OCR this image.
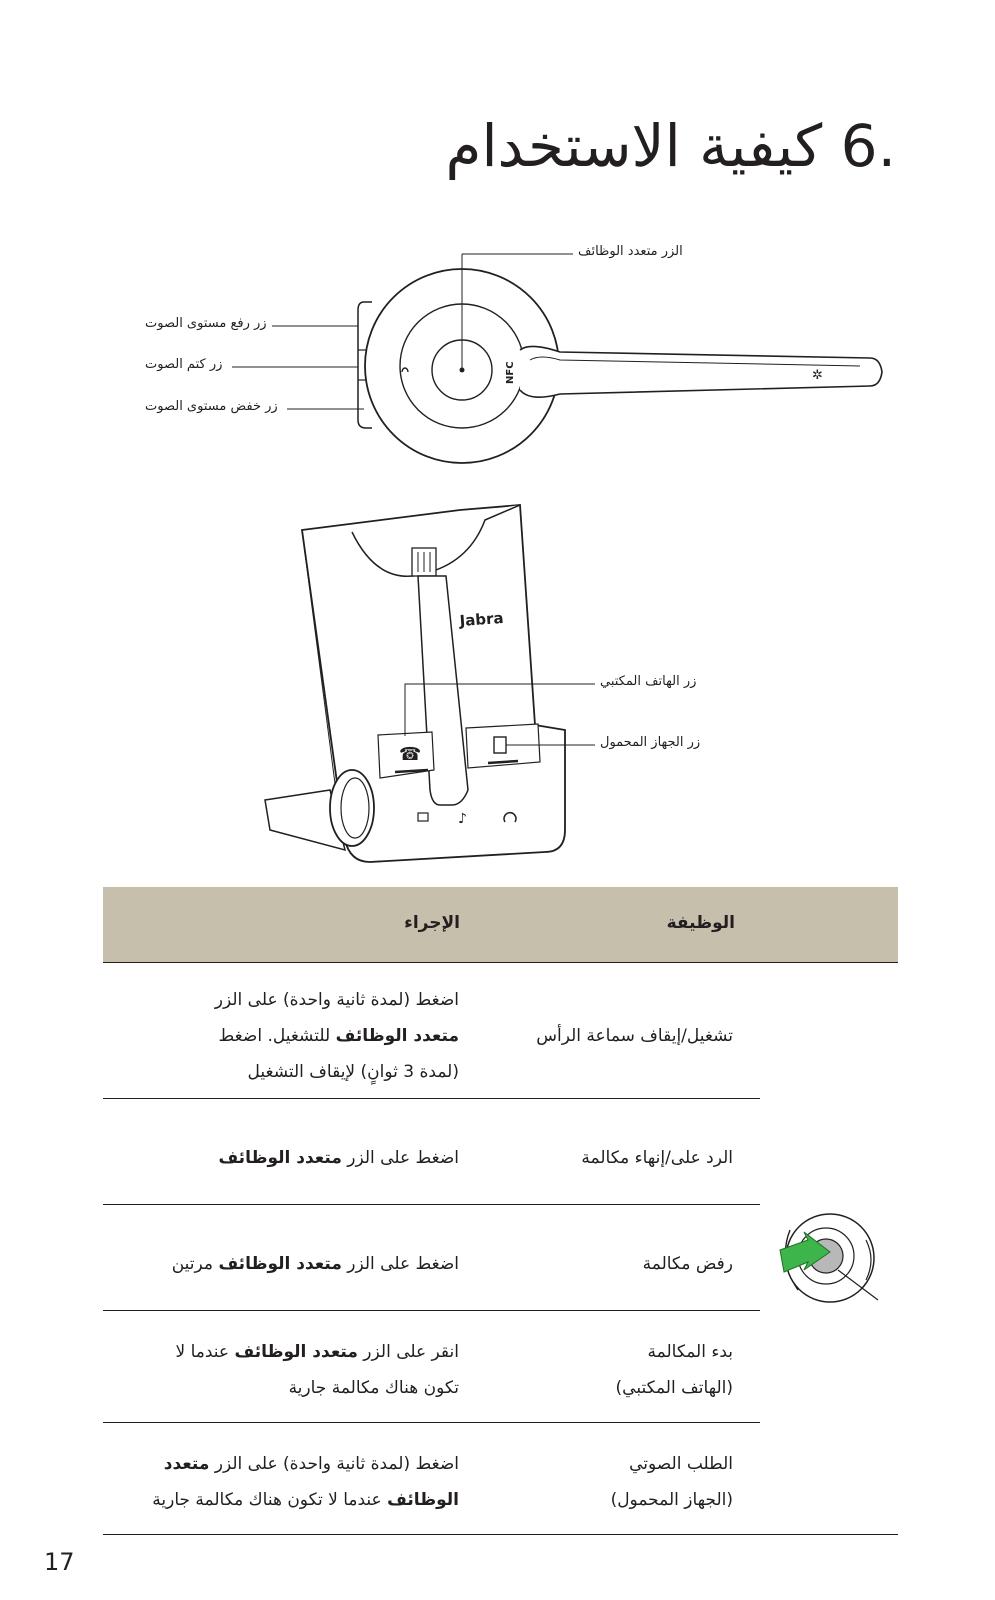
.6 كيفية الاستخدام
NFC	✲
الزر متعدد الوظائف
زر رفع مستوى الصوت
زر كتم الصوت
زر خفض مستوى الصوت
Jabra
☎
♪
زر الهاتف المكتبي
زر الجهاز المحمول
الوظيفة
الإجراء
تشغيل/إيقاف سماعة الرأس
اضغط (لمدة ثانية واحدة) على الزر
متعدد الوظائف للتشغيل. اضغط
(لمدة 3 ثوانٍ) لإيقاف التشغيل
الرد على/إنهاء مكالمة
اضغط على الزر متعدد الوظائف
رفض مكالمة
اضغط على الزر متعدد الوظائف مرتين
بدء المكالمة
(الهاتف المكتبي)
انقر على الزر متعدد الوظائف عندما لا
تكون هناك مكالمة جارية
الطلب الصوتي
(الجهاز المحمول)
اضغط (لمدة ثانية واحدة) على الزر متعدد
الوظائف عندما لا تكون هناك مكالمة جارية
17
